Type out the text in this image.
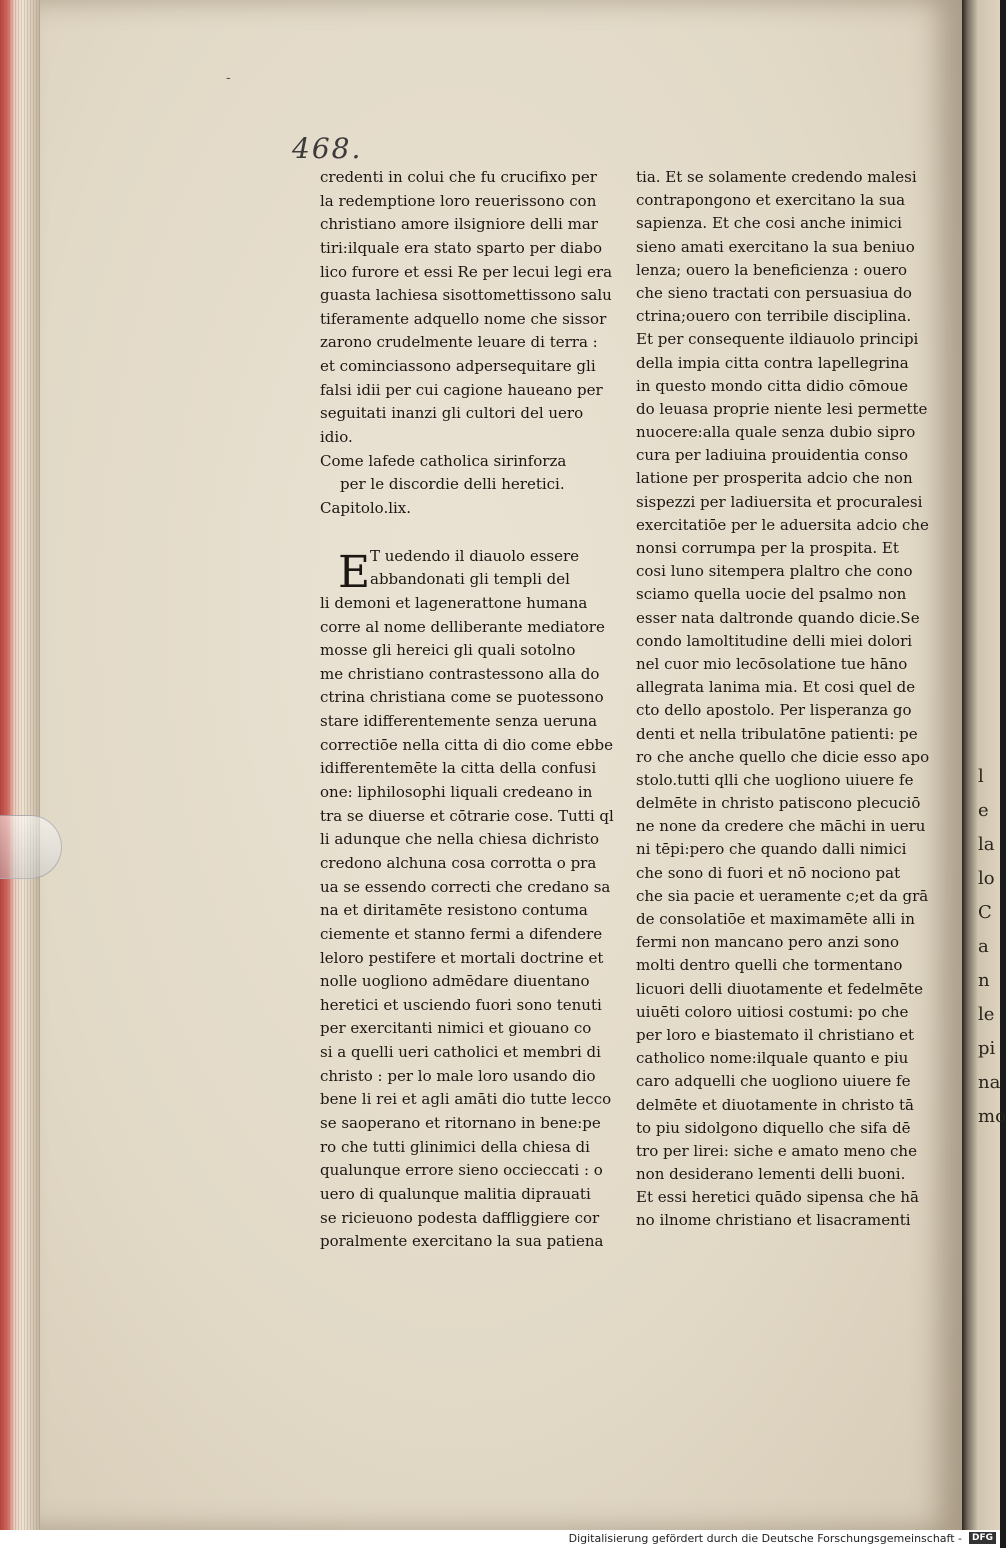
‐
468.
l
e
la
lo
C
a
n
le
pi
na
mo
credenti in colui che fu crucifixo per
la redemptione loro reuerissono con
christiano amore ilsigniore delli mar
tiri:ilquale era stato sparto per diabo
lico furore et essi Re per lecui legi era
guasta lachiesa sisottomettissono salu
tiferamente adquello nome che sissor
zarono crudelmente leuare di terra :
et cominciassono adpersequitare gli
falsi idii per cui cagione haueano per
seguitati inanzi gli cultori del uero
idio.
Come lafede catholica sirinforza
per le discordie delli heretici.
Capitolo.lix.
E T uedendo il diauolo essere
abbandonati gli templi del
li demoni et lagenerattone humana
corre al nome delliberante mediatore
mosse gli hereici gli quali sotolno
me christiano contrastessono alla do
ctrina christiana come se puotessono
stare idifferentemente senza ueruna
correctiōe nella citta di dio come ebbe
idifferentemēte la citta della confusi
one: liphilosophi liquali credeano in
tra se diuerse et cōtrarie cose. Tutti ql
li adunque che nella chiesa dichristo
credono alchuna cosa corrotta o pra
ua se essendo correcti che credano sa
na et diritamēte resistono contuma
ciemente et stanno fermi a difendere
leloro pestifere et mortali doctrine et
nolle uogliono admēdare diuentano
heretici et usciendo fuori sono tenuti
per exercitanti nimici et giouano co
si a quelli ueri catholici et membri di
christo : per lo male loro usando dio
bene li rei et agli amāti dio tutte lecco
se saoperano et ritornano in bene:pe
ro che tutti glinimici della chiesa di
qualunque errore sieno occieccati : o
uero di qualunque malitia diprauati
se ricieuono podesta daffliggiere cor
poralmente exercitano la sua patiena
tia. Et se solamente credendo malesi
contrapongono et exercitano la sua
sapienza. Et che cosi anche inimici
sieno amati exercitano la sua beniuo
lenza; ouero la beneficienza : ouero
che sieno tractati con persuasiua do
ctrina;ouero con terribile disciplina.
Et per consequente ildiauolo principi
della impia citta contra lapellegrina
in questo mondo citta didio cōmoue
do leuasa proprie niente lesi permette
nuocere:alla quale senza dubio sipro
cura per ladiuina prouidentia conso
latione per prosperita adcio che non
sispezzi per ladiuersita et procuralesi
exercitatiōe per le aduersita adcio che
nonsi corrumpa per la prospita. Et
cosi luno sitempera plaltro che cono
sciamo quella uocie del psalmo non
esser nata daltronde quando dicie.Se
condo lamoltitudine delli miei dolori
nel cuor mio lecōsolatione tue hāno
allegrata lanima mia. Et cosi quel de
cto dello apostolo. Per lisperanza go
denti et nella tribulatōne patienti: pe
ro che anche quello che dicie esso apo
stolo.tutti qlli che uogliono uiuere fe
delmēte in christo patiscono plecuciō
ne none da credere che māchi in ueru
ni tēpi:pero che quando dalli nimici
che sono di fuori et nō nociono pat
che sia pacie et ueramente c;et da grā
de consolatiōe et maximamēte alli in
fermi non mancano pero anzi sono
molti dentro quelli che tormentano
licuori delli diuotamente et fedelmēte
uiuēti coloro uitiosi costumi: po che
per loro e biastemato il christiano et
catholico nome:ilquale quanto e piu
caro adquelli che uogliono uiuere fe
delmēte et diuotamente in christo tā
to piu sidolgono diquello che sifa dē
tro per lirei: siche e amato meno che
non desiderano lementi delli buoni.
Et essi heretici quādo sipensa che hā
no ilnome christiano et lisacramenti
Digitalisierung gefördert durch die Deutsche Forschungsgemeinschaft -	DFG
